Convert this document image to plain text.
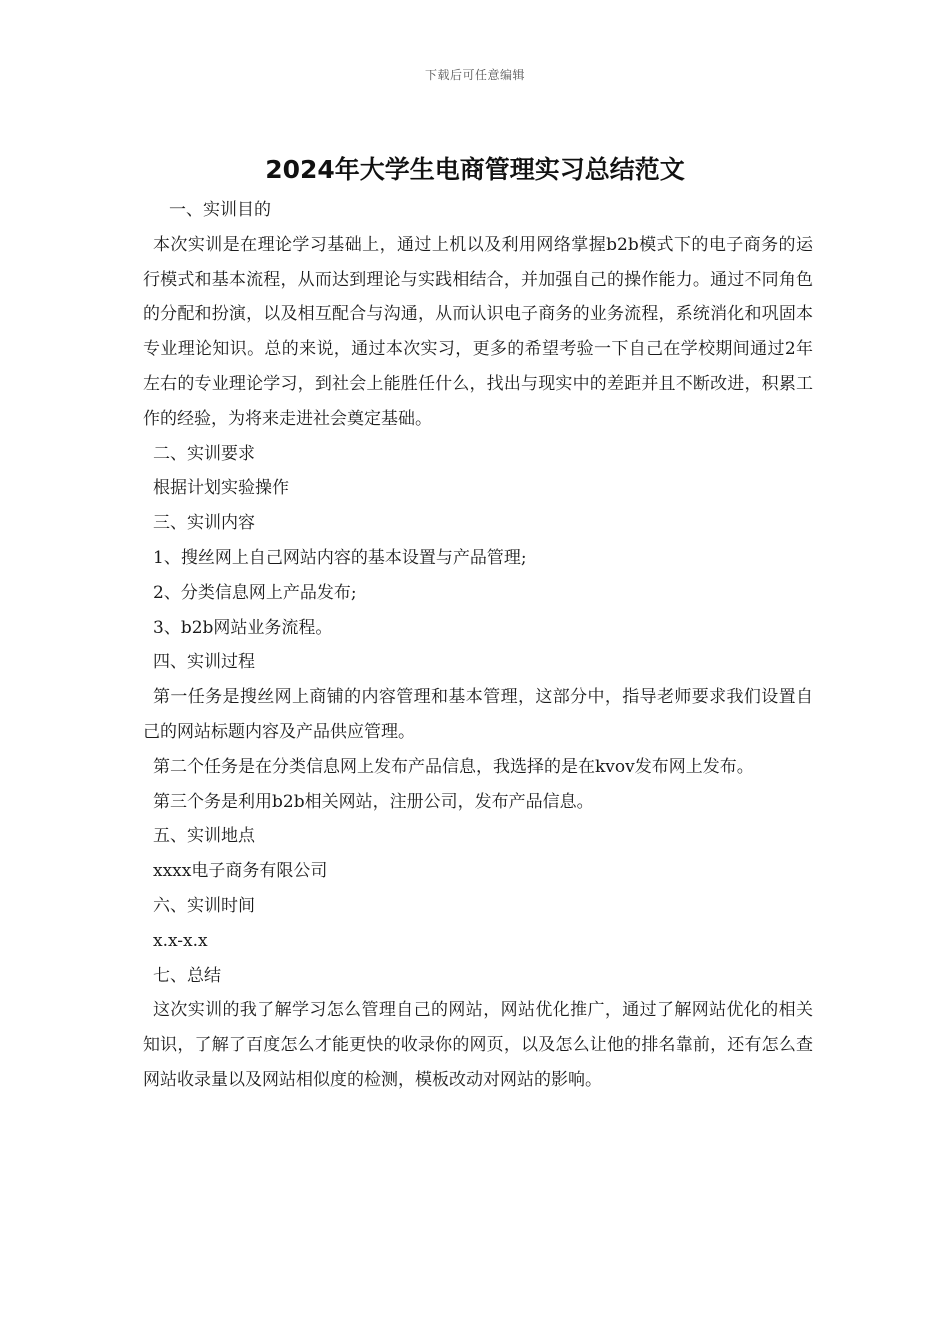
下载后可任意编辑
2024年大学生电商管理实习总结范文

一、实训目的

本次实训是在理论学习基础上，通过上机以及利用网络掌握b2b模式下的电子商务的运行模式和基本流程，从而达到理论与实践相结合，并加强自己的操作能力。通过不同角色的分配和扮演，以及相互配合与沟通，从而认识电子商务的业务流程，系统消化和巩固本专业理论知识。总的来说，通过本次实习，更多的希望考验一下自己在学校期间通过2年左右的专业理论学习，到社会上能胜任什么，找出与现实中的差距并且不断改进，积累工作的经验，为将来走进社会奠定基础。

二、实训要求

根据计划实验操作

三、实训内容

1、搜丝网上自己网站内容的基本设置与产品管理;

2、分类信息网上产品发布;

3、b2b网站业务流程。

四、实训过程

第一任务是搜丝网上商铺的内容管理和基本管理，这部分中，指导老师要求我们设置自己的网站标题内容及产品供应管理。

第二个任务是在分类信息网上发布产品信息，我选择的是在kvov发布网上发布。

第三个务是利用b2b相关网站，注册公司，发布产品信息。

五、实训地点

xxxx电子商务有限公司

六、实训时间

x.x-x.x

七、总结

这次实训的我了解学习怎么管理自己的网站，网站优化推广，通过了解网站优化的相关知识，了解了百度怎么才能更快的收录你的网页，以及怎么让他的排名靠前，还有怎么查网站收录量以及网站相似度的检测，模板改动对网站的影响。
